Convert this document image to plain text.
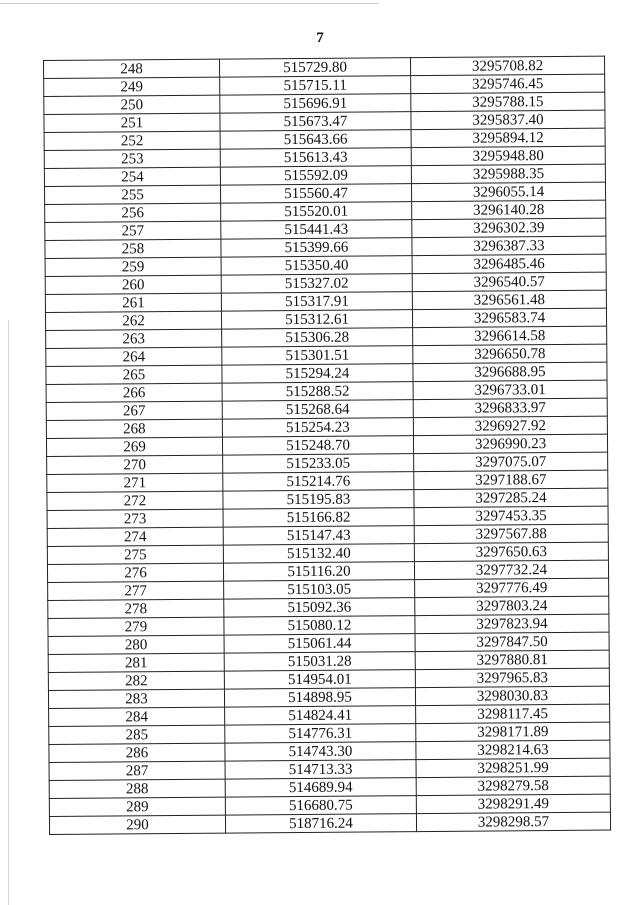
7
248	515729.80	3295708.82
249	515715.11	3295746.45
250	515696.91	3295788.15
251	515673.47	3295837.40
252	515643.66	3295894.12
253	515613.43	3295948.80
254	515592.09	3295988.35
255	515560.47	3296055.14
256	515520.01	3296140.28
257	515441.43	3296302.39
258	515399.66	3296387.33
259	515350.40	3296485.46
260	515327.02	3296540.57
261	515317.91	3296561.48
262	515312.61	3296583.74
263	515306.28	3296614.58
264	515301.51	3296650.78
265	515294.24	3296688.95
266	515288.52	3296733.01
267	515268.64	3296833.97
268	515254.23	3296927.92
269	515248.70	3296990.23
270	515233.05	3297075.07
271	515214.76	3297188.67
272	515195.83	3297285.24
273	515166.82	3297453.35
274	515147.43	3297567.88
275	515132.40	3297650.63
276	515116.20	3297732.24
277	515103.05	3297776.49
278	515092.36	3297803.24
279	515080.12	3297823.94
280	515061.44	3297847.50
281	515031.28	3297880.81
282	514954.01	3297965.83
283	514898.95	3298030.83
284	514824.41	3298117.45
285	514776.31	3298171.89
286	514743.30	3298214.63
287	514713.33	3298251.99
288	514689.94	3298279.58
289	516680.75	3298291.49
290	518716.24	3298298.57
